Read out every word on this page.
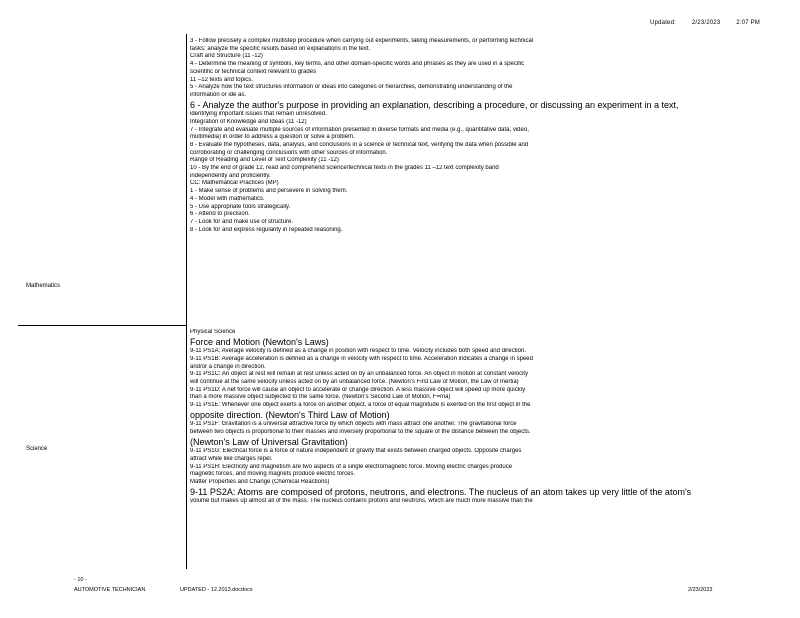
Updated:	2/23/2023	2:07 PM
Mathematics
Science
3 - Follow precisely a complex multistep procedure when carrying out experiments, taking measurements, or performing technical
tasks; analyze the specific results based on explanations in the text.
Craft and Structure (11 -12)
4 - Determine the meaning of symbols, key terms, and other domain-specific words and phrases as they are used in a specific
scientific or technical context relevant to grades
11 –12 texts and topics.
5 - Analyze how the text structures information or ideas into categories or hierarchies, demonstrating understanding of the
information or ide as.
6 - Analyze the author's purpose in providing an explanation, describing a procedure, or discussing an experiment in a text,
identifying important issues that remain unresolved.
Integration of Knowledge and Ideas (11 -12)
7 - Integrate and evaluate multiple sources of information presented in diverse formats and media (e.g., quantitative data, video,
multimedia) in order to address a question or solve a problem.
8 - Evaluate the hypotheses, data, analysis, and conclusions in a science or technical text, verifying the data when possible and
corroborating or challenging conclusions with other sources of information.
Range of Reading and Level of Text Complexity (11 -12)
10 - By the end of grade 12, read and comprehend science/technical texts in the grades 11 –12 text complexity band
independently and proficiently.
CC: Mathematical Practices (MP)
1 - Make sense of problems and persevere in solving them.
4 - Model with mathematics.
5 - Use appropriate tools strategically.
6 - Attend to precision.
7 - Look for and make use of structure.
8 - Look for and express regularity in repeated reasoning.
Physical Science
Force and Motion (Newton's Laws)
9-11 PS1A: Average velocity is defined as a change in position with respect to time. Velocity includes both speed and direction.
9-11 PS1B: Average acceleration is defined as a change in velocity with respect to time. Acceleration indicates a change in speed
and/or a change in direction.
9-11 PS1C: An object at rest will remain at rest unless acted on by an unbalanced force. An object in motion at constant velocity
will continue at the same velocity unless acted on by an unbalanced force. (Newton's First Law of Motion, the Law of Inertia)
9-11 PS1D: A net force will cause an object to accelerate or change direction. A less massive object will speed up more quickly
than a more massive object subjected to the same force. (Newton's Second Law of Motion, F=ma)
9-11 PS1E: Whenever one object exerts a force on another object, a force of equal magnitude is exerted on the first object in the
opposite direction. (Newton's Third Law of Motion)
9-11 PS1F: Gravitation is a universal attractive force by which objects with mass attract one another. The gravitational force
between two objects is proportional to their masses and inversely proportional to the square of the distance between the objects.
(Newton's Law of Universal Gravitation)
9-11 PS1G: Electrical force is a force of nature independent of gravity that exists between charged objects. Opposite charges
attract while like charges repel.
9-11 PS1H: Electricity and magnetism are two aspects of a single electromagnetic force. Moving electric charges produce
magnetic forces, and moving magnets produce electric forces.
Matter Properties and Change (Chemical Reactions)
9-11 PS2A: Atoms are composed of protons, neutrons, and electrons. The nucleus of an atom takes up very little of the atom's
volume but makes up almost all of the mass. The nucleus contains protons and neutrons, which are much more massive than the
- 10 -
AUTOMOTIVE TECHNICIAN	UPDATED - 12.2013.docdocx	2/23/2023
